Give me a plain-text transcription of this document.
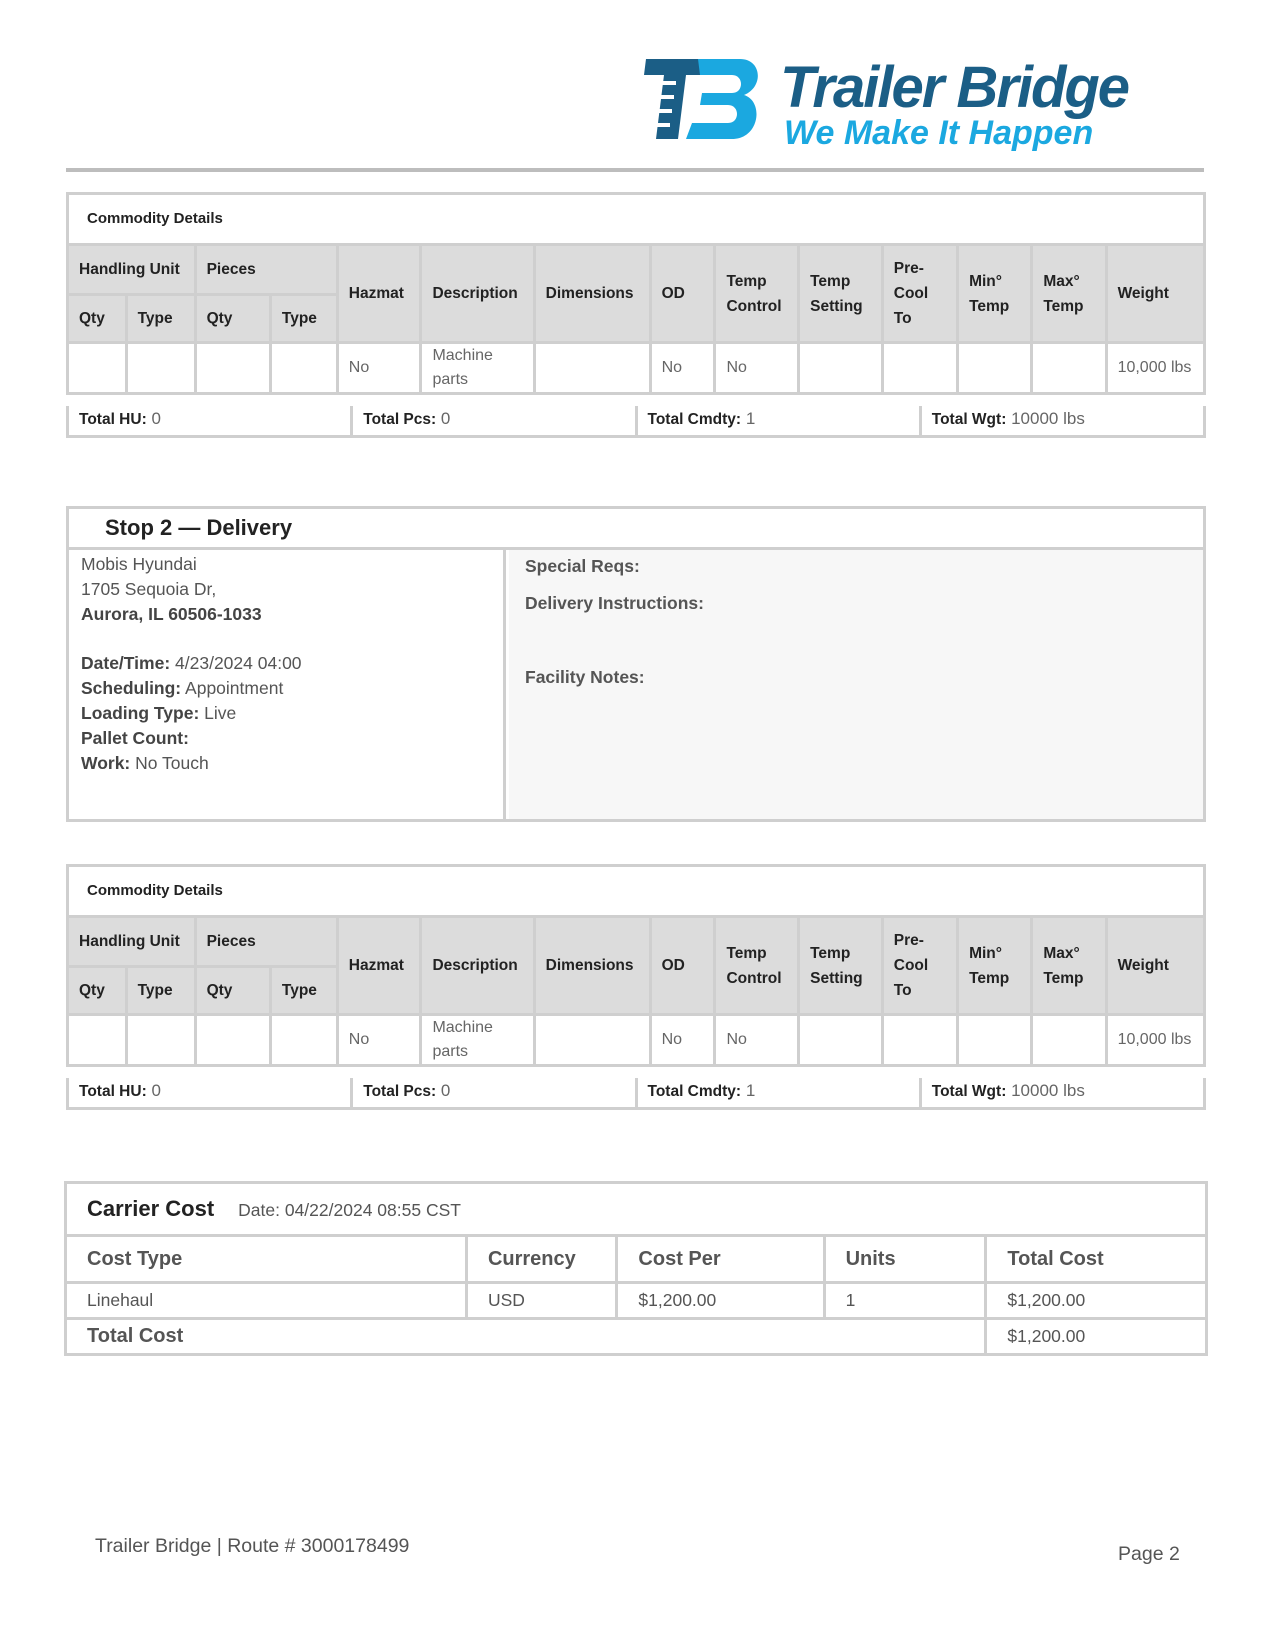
Trailer Bridge
We Make It Happen
Commodity Details													
Handling Unit		Pieces		Hazmat	Description	Dimensions	OD	Temp Control	Temp Setting	Pre-Cool To	Min° Temp	Max° Temp	Weight
Qty	Type	Qty	Type										
				No	Machine parts		No	No					10,000 lbs
Total HU: 0	Total Pcs: 0	Total Cmdty: 1	Total Wgt: 10000 lbs
Stop 2 — Delivery
Mobis Hyundai
1705 Sequoia Dr,
Aurora, IL 60506-1033
Date/Time: 4/23/2024 04:00
Scheduling: Appointment
Loading Type: Live
Pallet Count:
Work: No Touch
Special Reqs:
Delivery Instructions:
Facility Notes:
Commodity Details													
Handling Unit		Pieces		Hazmat	Description	Dimensions	OD	Temp Control	Temp Setting	Pre-Cool To	Min° Temp	Max° Temp	Weight
Qty	Type	Qty	Type										
				No	Machine parts		No	No					10,000 lbs
Total HU: 0	Total Pcs: 0	Total Cmdty: 1	Total Wgt: 10000 lbs
Carrier Cost Date: 04/22/2024 08:55 CST				
Cost Type	Currency	Cost Per	Units	Total Cost
Linehaul	USD	$1,200.00	1	$1,200.00
Total Cost				$1,200.00
Trailer Bridge | Route # 3000178499	Page 2
